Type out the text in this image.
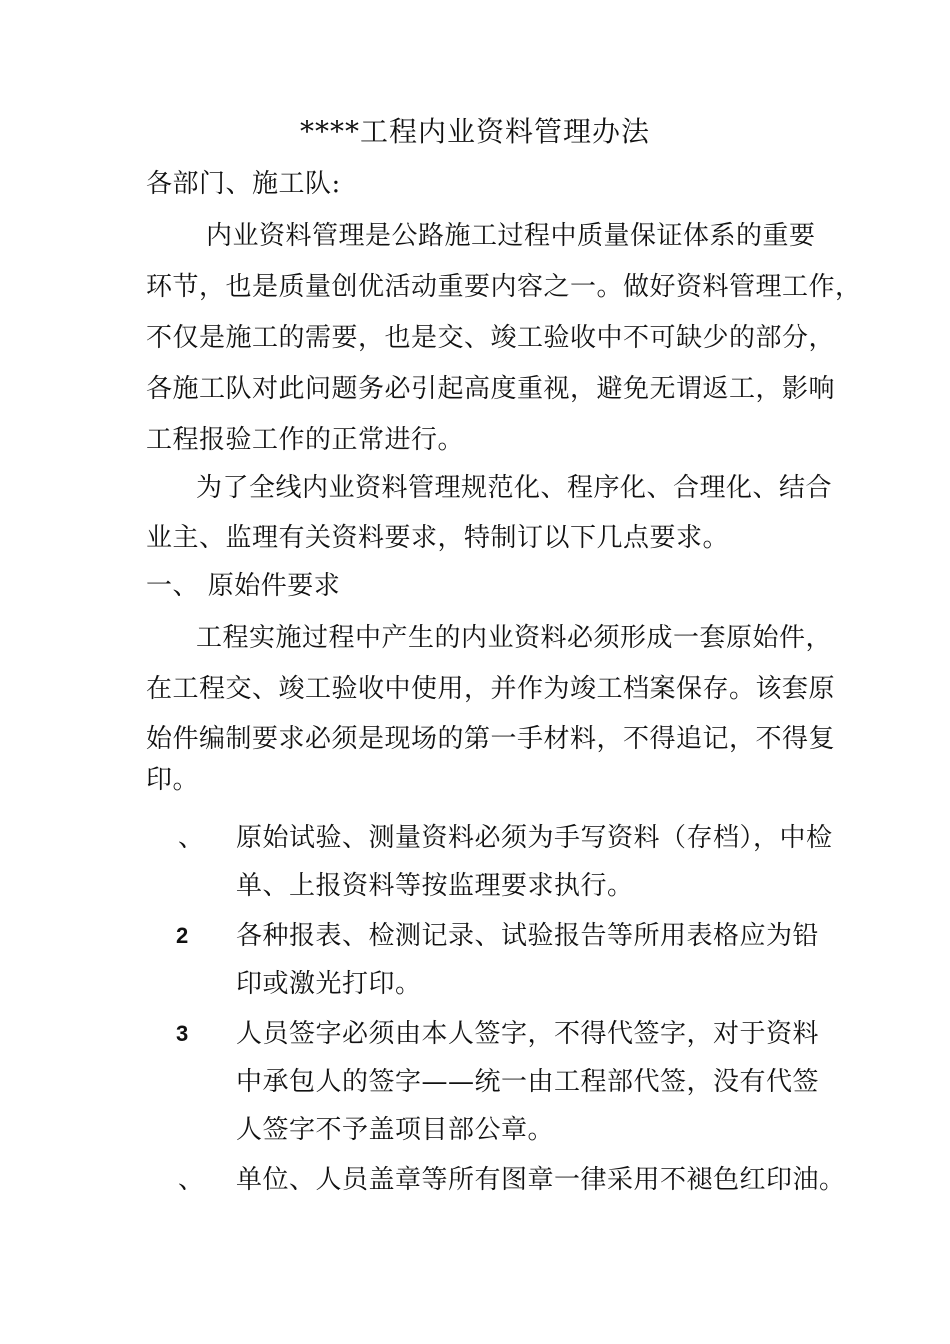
****工程内业资料管理办法
各部门、施工队:
内业资料管理是公路施工过程中质量保证体系的重要
环节，也是质量创优活动重要内容之一。做好资料管理工作，
不仅是施工的需要，也是交、竣工验收中不可缺少的部分，
各施工队对此问题务必引起高度重视，避免无谓返工，影响
工程报验工作的正常进行。
为了全线内业资料管理规范化、程序化、合理化、结合
业主、监理有关资料要求，特制订以下几点要求。
一、 原始件要求
工程实施过程中产生的内业资料必须形成一套原始件，
在工程交、竣工验收中使用，并作为竣工档案保存。该套原
始件编制要求必须是现场的第一手材料，不得追记，不得复
印。
、 原始试验、测量资料必须为手写资料（存档），中检
单、上报资料等按监理要求执行。
2 各种报表、检测记录、试验报告等所用表格应为铅
印或激光打印。
3 人员签字必须由本人签字，不得代签字，对于资料
中承包人的签字——统一由工程部代签，没有代签
人签字不予盖项目部公章。
、 单位、人员盖章等所有图章一律采用不褪色红印油。
